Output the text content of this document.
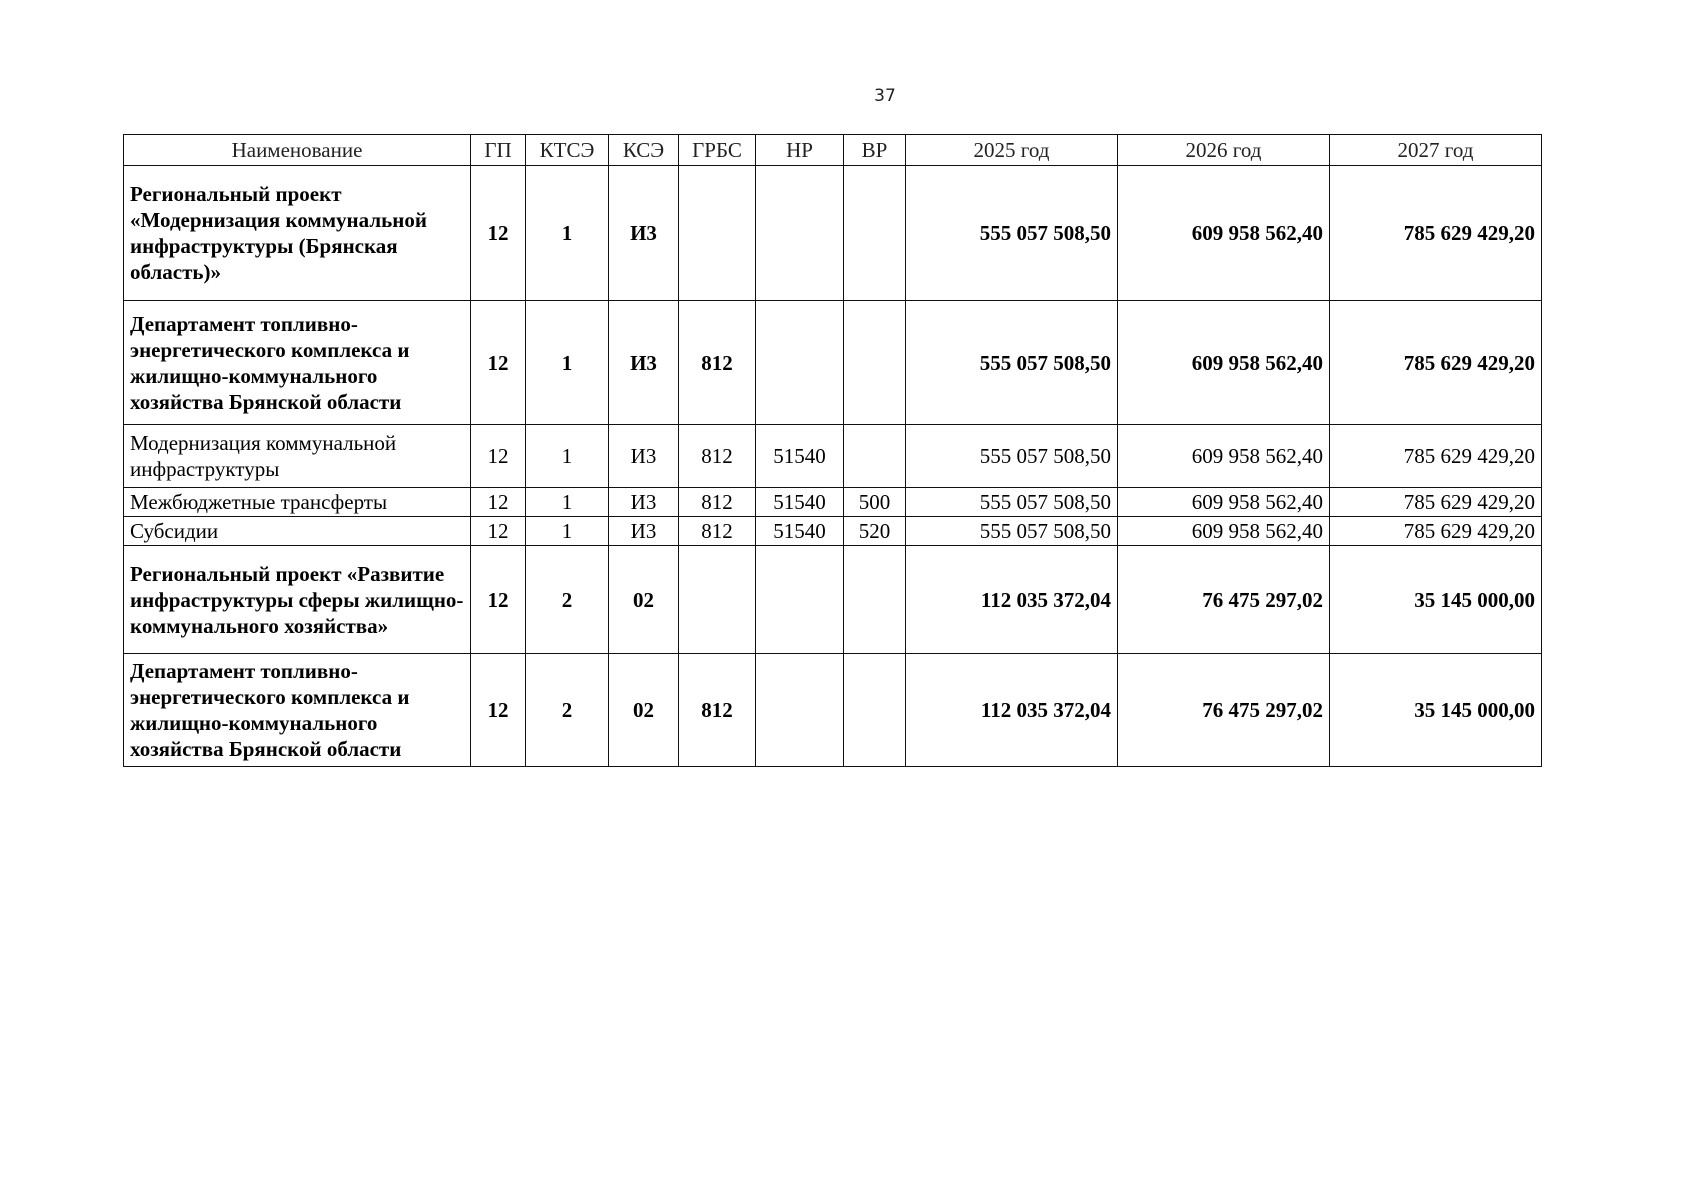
37
Наименование	ГП	КТСЭ	КСЭ	ГРБС	НР	ВР	2025 год	2026 год	2027 год
Региональный проект «Модернизация коммунальной инфраструктуры (Брянская область)»	12	1	И3				555 057 508,50	609 958 562,40	785 629 429,20
Департамент топливно-энергетического комплекса и жилищно-коммунального хозяйства Брянской области	12	1	И3	812			555 057 508,50	609 958 562,40	785 629 429,20
Модернизация коммунальной инфраструктуры	12	1	И3	812	51540		555 057 508,50	609 958 562,40	785 629 429,20
Межбюджетные трансферты	12	1	И3	812	51540	500	555 057 508,50	609 958 562,40	785 629 429,20
Субсидии	12	1	И3	812	51540	520	555 057 508,50	609 958 562,40	785 629 429,20
Региональный проект «Развитие инфраструктуры сферы жилищно-коммунального хозяйства»	12	2	02				112 035 372,04	76 475 297,02	35 145 000,00
Департамент топливно-энергетического комплекса и жилищно-коммунального хозяйства Брянской области	12	2	02	812			112 035 372,04	76 475 297,02	35 145 000,00
